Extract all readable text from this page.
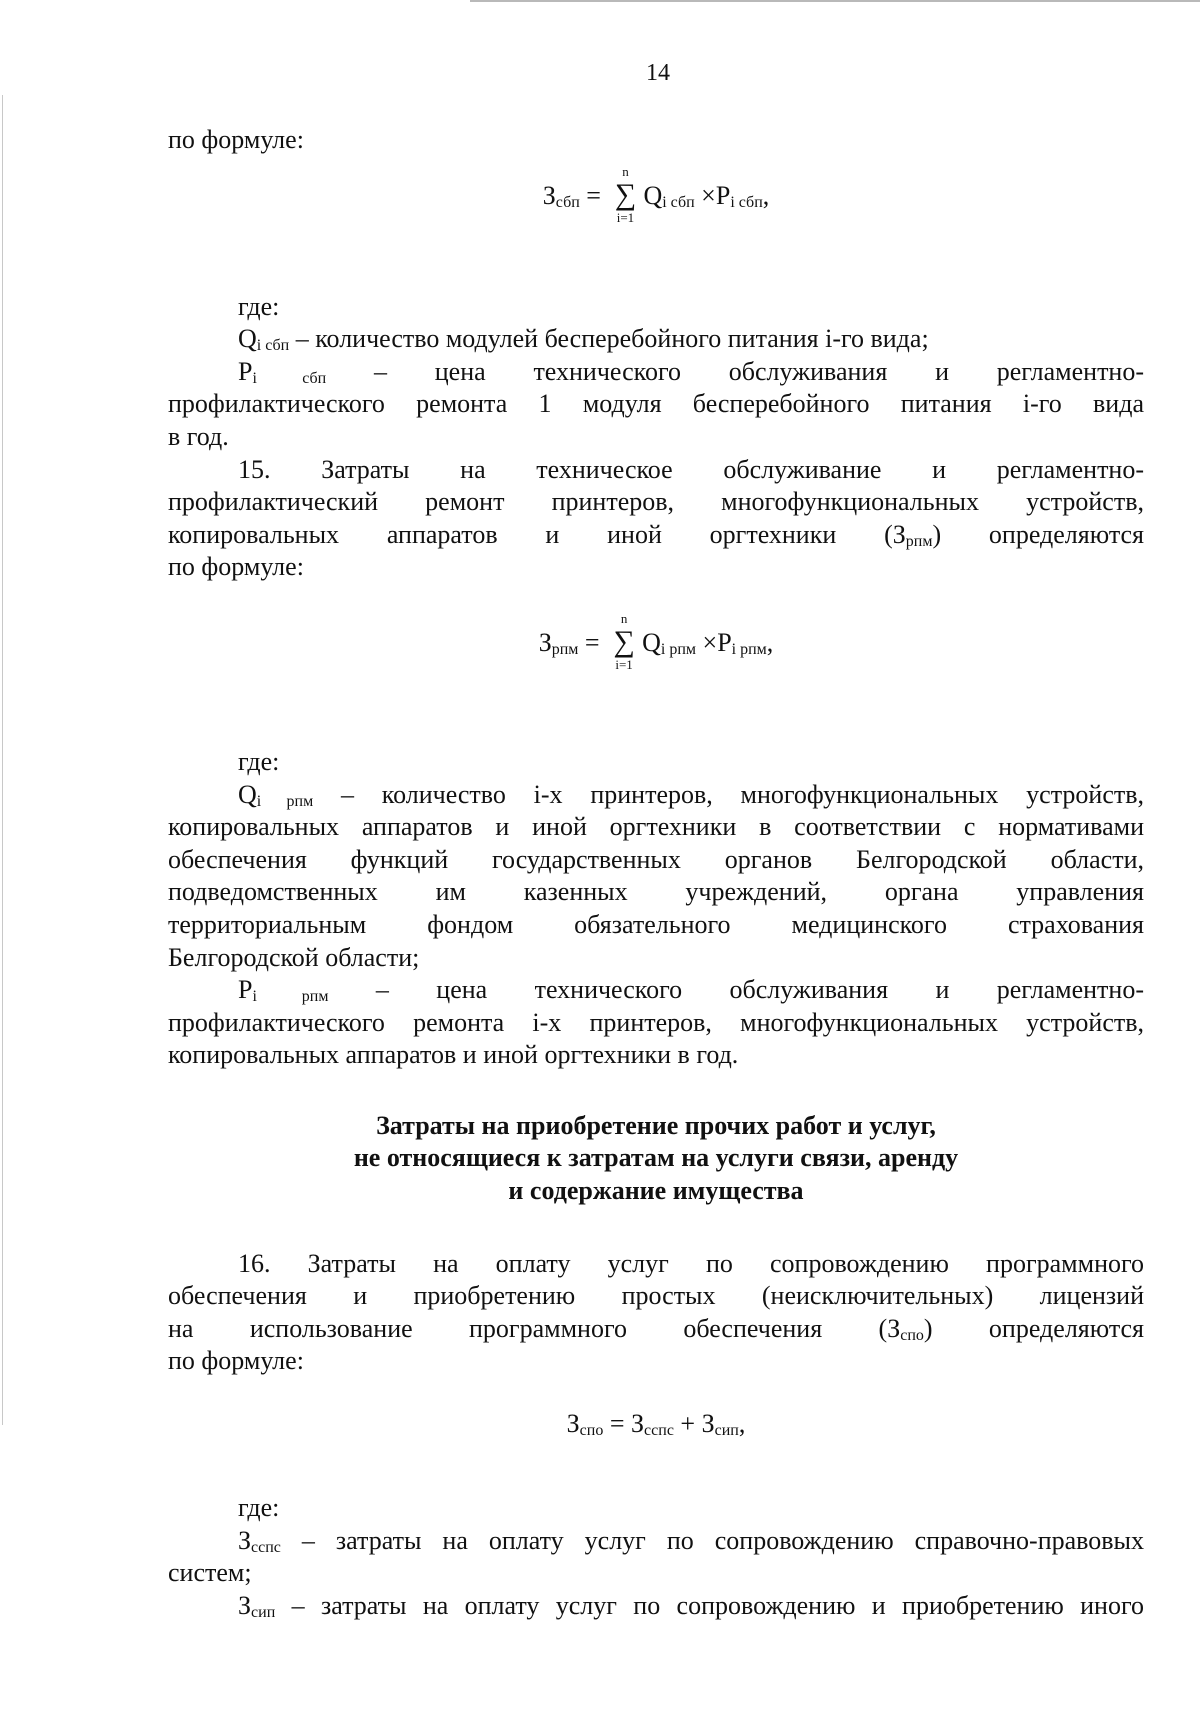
14

по формуле:

Зсбп =
n
∑
i=1
Qi сбп ×Pi сбп,

где:

Qi сбп – количество модулей бесперебойного питания i-го вида;

Pi сбп – цена технического обслуживания и регламентно-

профилактического ремонта 1 модуля бесперебойного питания i-го вида

в год.

15. Затраты на техническое обслуживание и регламентно-

профилактический ремонт принтеров, многофункциональных устройств,

копировальных аппаратов и иной оргтехники (Зрпм) определяются

по формуле:

Зрпм =
n
∑
i=1
Qi рпм ×Pi рпм,

где:

Qi рпм – количество i-х принтеров, многофункциональных устройств,

копировальных аппаратов и иной оргтехники в соответствии с нормативами

обеспечения функций государственных органов Белгородской области,

подведомственных им казенных учреждений, органа управления

территориальным фондом обязательного медицинского страхования

Белгородской области;

Pi рпм – цена технического обслуживания и регламентно-

профилактического ремонта i-х принтеров, многофункциональных устройств,

копировальных аппаратов и иной оргтехники в год.

Затраты на приобретение прочих работ и услуг,

не относящиеся к затратам на услуги связи, аренду

и содержание имущества

16. Затраты на оплату услуг по сопровождению программного

обеспечения и приобретению простых (неисключительных) лицензий

на использование программного обеспечения (Зспо) определяются

по формуле:

Зспо = Зсспс + Зсип,

где:

Зсспс – затраты на оплату услуг по сопровождению справочно-правовых

систем;

Зсип – затраты на оплату услуг по сопровождению и приобретению иного
